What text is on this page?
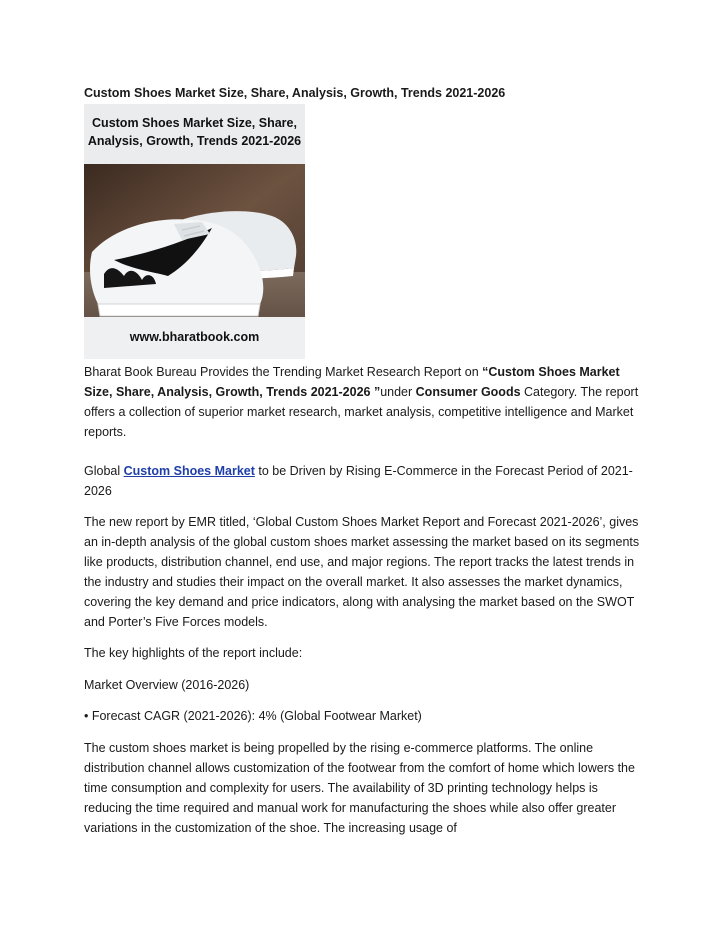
Custom Shoes Market Size, Share, Analysis, Growth, Trends 2021-2026
Custom Shoes Market Size, Share,
Analysis, Growth, Trends 2021-2026
www.bharatbook.com
Bharat Book Bureau Provides the Trending Market Research Report on “Custom Shoes Market Size, Share, Analysis, Growth, Trends 2021-2026 ”under Consumer Goods Category. The report offers a collection of superior market research, market analysis, competitive intelligence and Market reports.
Global Custom Shoes Market to be Driven by Rising E-Commerce in the Forecast Period of 2021-2026
The new report by EMR titled, ‘Global Custom Shoes Market Report and Forecast 2021-2026’, gives an in-depth analysis of the global custom shoes market assessing the market based on its segments like products, distribution channel, end use, and major regions. The report tracks the latest trends in the industry and studies their impact on the overall market. It also assesses the market dynamics, covering the key demand and price indicators, along with analysing the market based on the SWOT and Porter’s Five Forces models.
The key highlights of the report include:
Market Overview (2016-2026)
• Forecast CAGR (2021-2026): 4% (Global Footwear Market)
The custom shoes market is being propelled by the rising e-commerce platforms. The online distribution channel allows customization of the footwear from the comfort of home which lowers the time consumption and complexity for users. The availability of 3D printing technology helps is reducing the time required and manual work for manufacturing the shoes while also offer greater variations in the customization of the shoe. The increasing usage of
